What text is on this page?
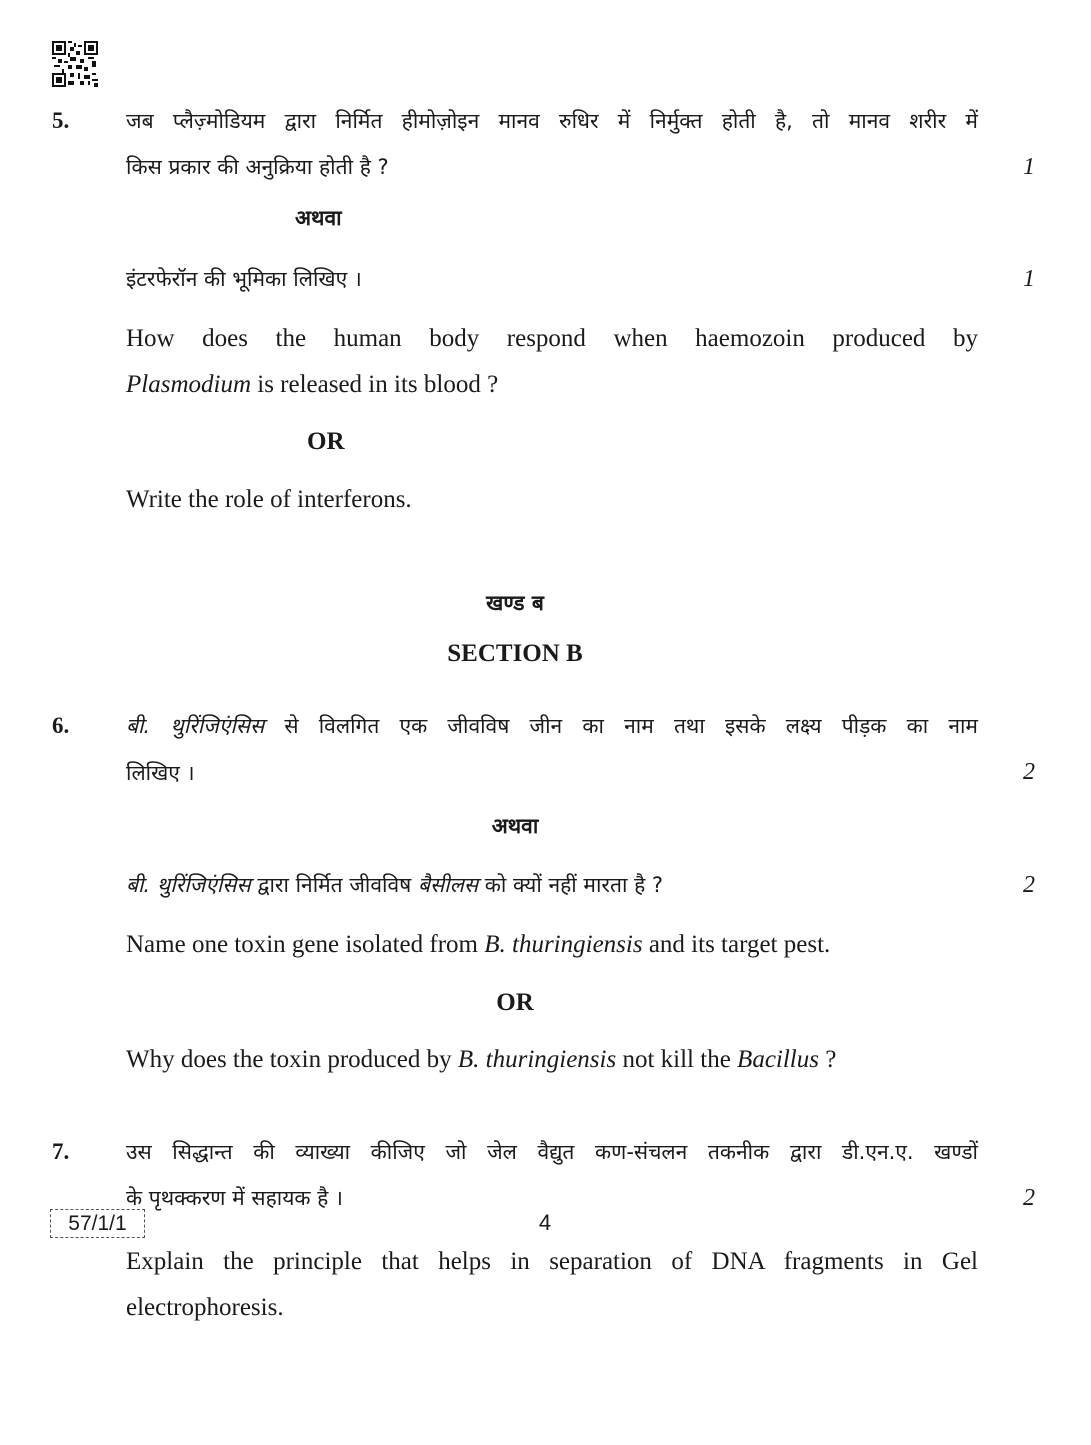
5.	जब प्लैज़्मोडियम द्वारा निर्मित हीमोज़ोइन मानव रुधिर में निर्मुक्त होती है, तो मानव शरीर में
किस प्रकार की अनुक्रिया होती है ?	1
अथवा
इंटरफेरॉन की भूमिका लिखिए ।	1
How does the human body respond when haemozoin produced by
Plasmodium is released in its blood ?
OR
Write the role of interferons.
खण्ड ब
SECTION B
6.	बी. थुरिंजिएंसिस से विलगित एक जीवविष जीन का नाम तथा इसके लक्ष्य पीड़क का नाम
लिखिए ।	2
अथवा
बी. थुरिंजिएंसिस द्वारा निर्मित जीवविष बैसीलस को क्यों नहीं मारता है ?	2
Name one toxin gene isolated from B. thuringiensis and its target pest.
OR
Why does the toxin produced by B. thuringiensis not kill the Bacillus ?
7.	उस सिद्धान्त की व्याख्या कीजिए जो जेल वैद्युत कण-संचलन तकनीक द्वारा डी.एन.ए. खण्डों
के पृथक्करण में सहायक है ।	2
Explain the principle that helps in separation of DNA fragments in Gel
electrophoresis.
57/1/1	4
